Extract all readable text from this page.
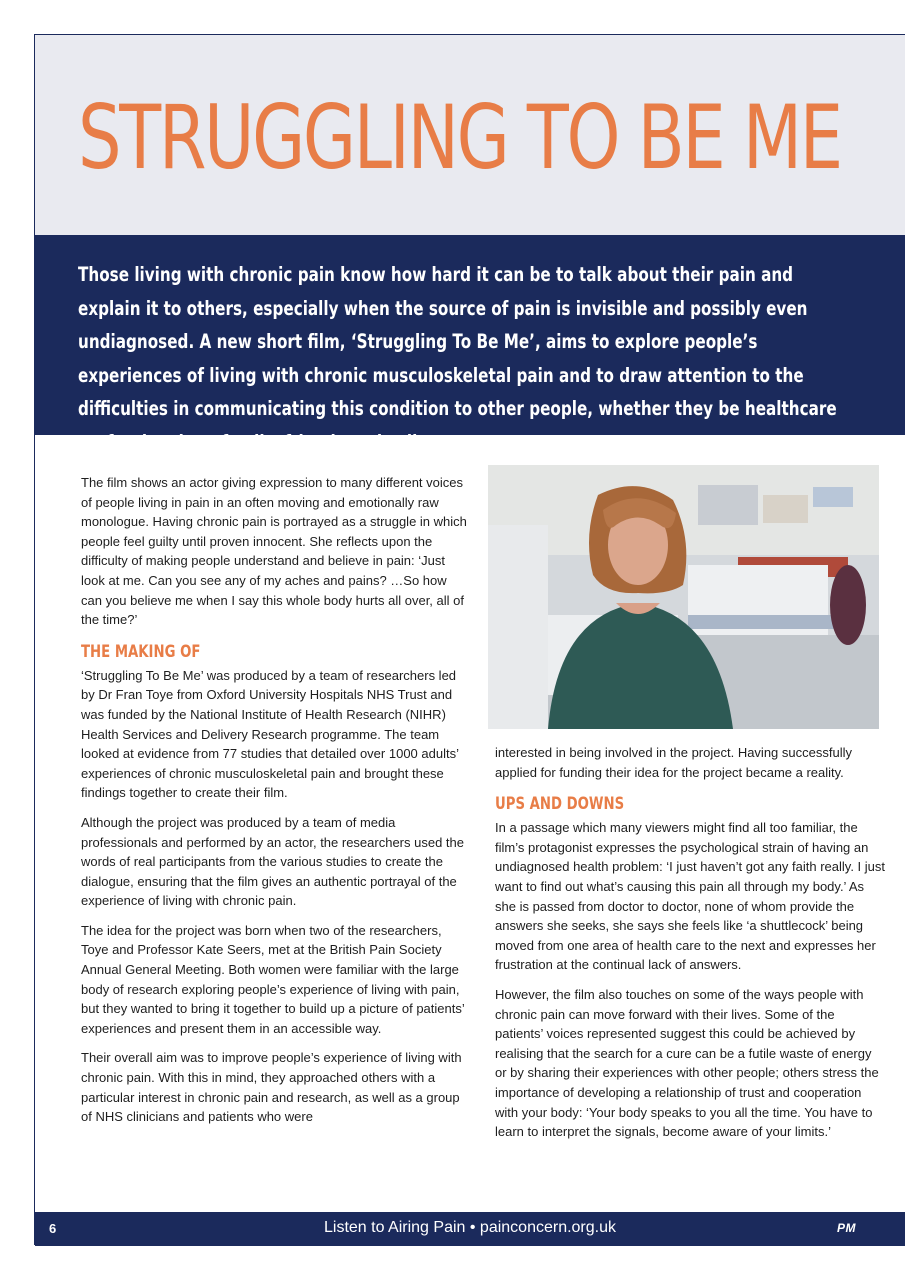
STRUGGLING TO BE ME

Those living with chronic pain know how hard it can be to talk about their pain and explain it to others, especially when the source of pain is invisible and possibly even undiagnosed. A new short film, ‘Struggling To Be Me’, aims to explore people’s experiences of living with chronic musculoskeletal pain and to draw attention to the difficulties in communicating this condition to other people, whether they be healthcare professionals or family, friends and colleagues

The film shows an actor giving expression to many different voices of people living in pain in an often moving and emotionally raw monologue. Having chronic pain is portrayed as a struggle in which people feel guilty until proven innocent. She reflects upon the difficulty of making people understand and believe in pain: ‘Just look at me. Can you see any of my aches and pains? …So how can you believe me when I say this whole body hurts all over, all of the time?’

THE MAKING OF

‘Struggling To Be Me’ was produced by a team of researchers led by Dr Fran Toye from Oxford University Hospitals NHS Trust and was funded by the National Institute of Health Research (NIHR) Health Services and Delivery Research programme. The team looked at evidence from 77 studies that detailed over 1000 adults’ experiences of chronic musculoskeletal pain and brought these findings together to create their film.

Although the project was produced by a team of media professionals and performed by an actor, the researchers used the words of real participants from the various studies to create the dialogue, ensuring that the film gives an authentic portrayal of the experience of living with chronic pain.

The idea for the project was born when two of the researchers, Toye and Professor Kate Seers, met at the British Pain Society Annual General Meeting. Both women were familiar with the large body of research exploring people’s experience of living with pain, but they wanted to bring it together to build up a picture of patients’ experiences and present them in an accessible way.

Their overall aim was to improve people’s experience of living with chronic pain. With this in mind, they approached others with a particular interest in chronic pain and research, as well as a group of NHS clinicians and patients who were

interested in being involved in the project. Having successfully applied for funding their idea for the project became a reality.

UPS AND DOWNS

In a passage which many viewers might find all too familiar, the film’s protagonist expresses the psychological strain of having an undiagnosed health problem: ‘I just haven’t got any faith really. I just want to find out what’s causing this pain all through my body.’ As she is passed from doctor to doctor, none of whom provide the answers she seeks, she says she feels like ‘a shuttlecock’ being moved from one area of health care to the next and expresses her frustration at the continual lack of answers.

However, the film also touches on some of the ways people with chronic pain can move forward with their lives. Some of the patients’ voices represented suggest this could be achieved by realising that the search for a cure can be a futile waste of energy or by sharing their experiences with other people; others stress the importance of developing a relationship of trust and cooperation with your body: ‘Your body speaks to you all the time. You have to learn to interpret the signals, become aware of your limits.’

6	Listen to Airing Pain • painconcern.org.uk	PM
